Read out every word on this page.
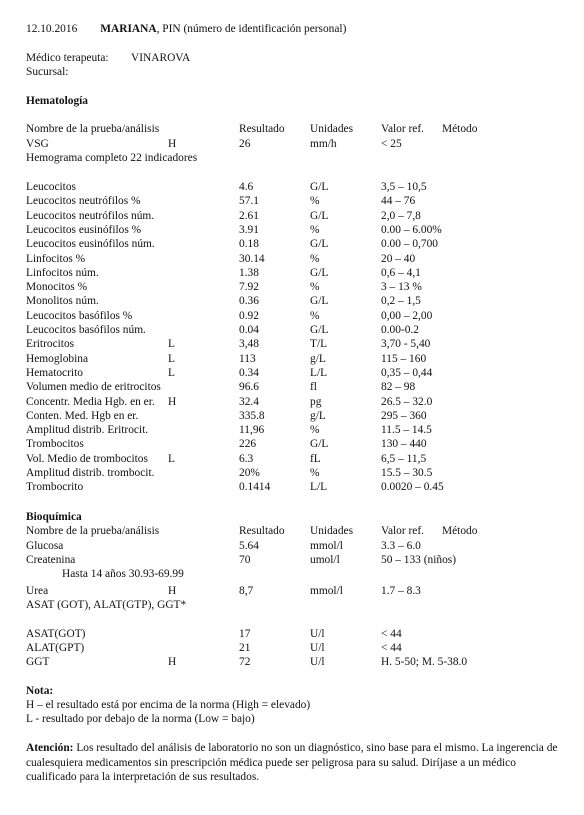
12.10.2016 MARIANA, PIN (número de identificación personal)
Médico terapeuta: VINAROVA
Sucursal:
Hematología
Nombre de la prueba/análisis	Resultado Unidades Valor ref. Método
VSG	H	26	mm/h	< 25
Hemograma completo 22 indicadores
Leucocitos	4.6	G/L	3,5 – 10,5
Leucocitos neutrófilos %	57.1	%	44 – 76
Leucocitos neutrófilos núm.	2.61	G/L	2,0 – 7,8
Leucocitos eusinófilos %	3.91	%	0.00 – 6.00%
Leucocitos eusinófilos núm.	0.18	G/L	0.00 – 0,700
Linfocitos %	30.14	%	20 – 40
Linfocitos núm.	1.38	G/L	0,6 – 4,1
Monocitos %	7.92	%	3 – 13 %
Monolitos núm.	0.36	G/L	0,2 – 1,5
Leucocitos basófilos %	0.92	%	0,00 – 2,00
Leucocitos basófilos núm.	0.04	G/L	0.00-0.2
Eritrocitos	L	3,48	T/L	3,70 - 5,40
Hemoglobina	L	113	g/L	115 – 160
Hematocrito	L	0.34	L/L	0,35 – 0,44
Volumen medio de eritrocitos	96.6	fl	82 – 98
Concentr. Media Hgb. en er. H	32.4	pg	26.5 – 32.0
Conten. Med. Hgb en er.	335.8	g/L	295 – 360
Amplitud distrib. Eritrocit.	11,96	%	11.5 – 14.5
Trombocitos	226	G/L	130 – 440
Vol. Medio de trombocitos L	6.3	fL	6,5 – 11,5
Amplitud distrib. trombocit.	20%	%	15.5 – 30.5
Trombocrito	0.1414	L/L	0.0020 – 0.45
Bioquímica
Nombre de la prueba/análisis	Resultado Unidades Valor ref. Método
Glucosa	5.64	mmol/l	3.3 – 6.0
Createnina	70	umol/l	50 – 133 (niños)
Hasta 14 años 30.93-69.99
Urea	H	8,7	mmol/l	1.7 – 8.3
ASAT (GOT), ALAT(GTP), GGT*
ASAT(GOT)	17	U/l	< 44
ALAT(GPT)	21	U/l	< 44
GGT	H	72	U/l	H. 5-50; M. 5-38.0
Nota:
H – el resultado está por encima de la norma (High = elevado)
L - resultado por debajo de la norma (Low = bajo)
Atención: Los resultado del análisis de laboratorio no son un diagnóstico, sino base para el mismo. La ingerencia de cualesquiera medicamentos sin prescripción médica puede ser peligrosa para su salud. Diríjase a un médico cualificado para la interpretación de sus resultados.
